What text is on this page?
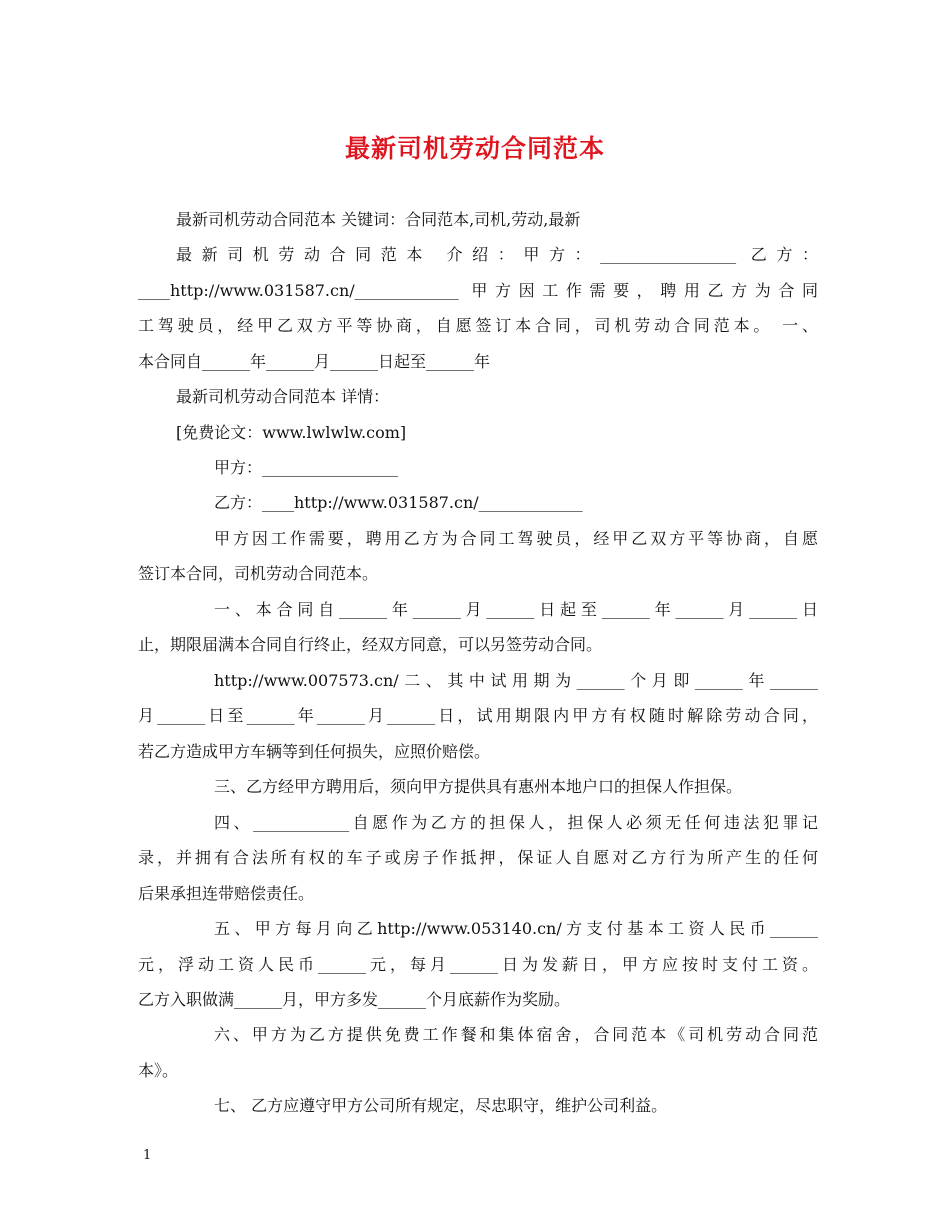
最新司机劳动合同范本
最新司机劳动合同范本 关键词：合同范本,司机,劳动,最新
最新司机劳动合同范本 介绍：甲方：_________________ 乙方：
____http://www.031587.cn/_____________ 甲方因工作需要，聘用乙方为合同
工驾驶员，经甲乙双方平等协商，自愿签订本合同，司机劳动合同范本。 一、
本合同自______年______月______日起至______年
最新司机劳动合同范本 详情：
[免费论文：www.lwlwlw.com]
甲方：_________________
乙方：____http://www.031587.cn/_____________
甲方因工作需要，聘用乙方为合同工驾驶员，经甲乙双方平等协商，自愿
签订本合同，司机劳动合同范本。
一、本合同自______年______月______日起至______年______月______日
止，期限届满本合同自行终止，经双方同意，可以另签劳动合同。
http://www.007573.cn/二、其中试用期为______个月即______年______
月______日至______年______月______日，试用期限内甲方有权随时解除劳动合同，
若乙方造成甲方车辆等到任何损失，应照价赔偿。
三、乙方经甲方聘用后，须向甲方提供具有惠州本地户口的担保人作担保。
四、____________自愿作为乙方的担保人，担保人必须无任何违法犯罪记
录，并拥有合法所有权的车子或房子作抵押，保证人自愿对乙方行为所产生的任何
后果承担连带赔偿责任。
五、甲方每月向乙http://www.053140.cn/方支付基本工资人民币______
元，浮动工资人民币______元，每月______日为发薪日，甲方应按时支付工资。
乙方入职做满______月，甲方多发______个月底薪作为奖励。
六、甲方为乙方提供免费工作餐和集体宿舍，合同范本《司机劳动合同范
本》。
七、 乙方应遵守甲方公司所有规定，尽忠职守，维护公司利益。
1
